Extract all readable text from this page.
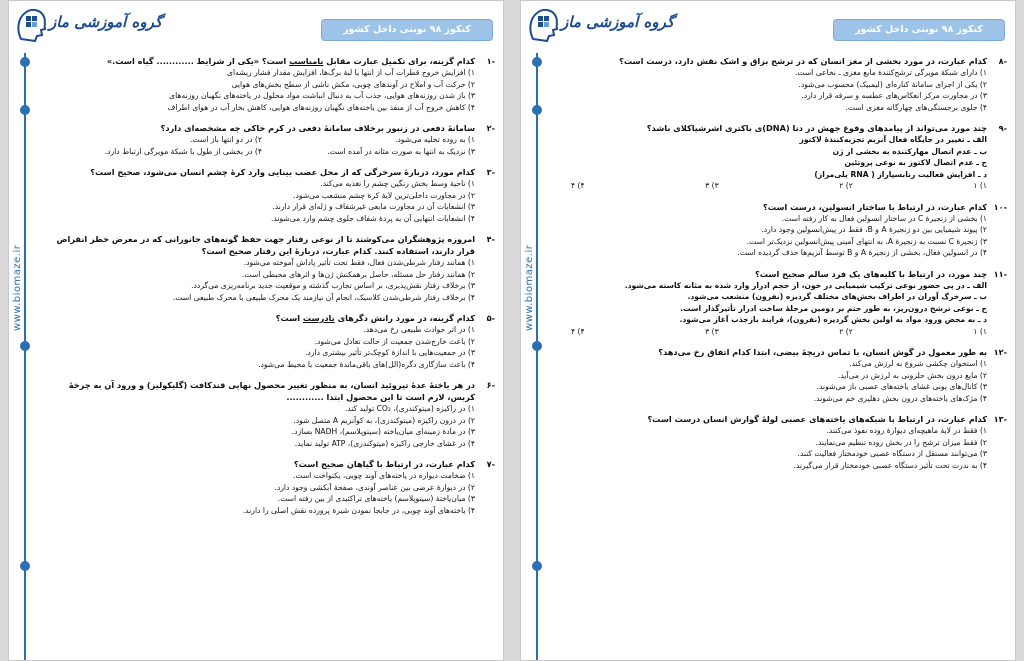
www.biomaze.ir
گروه آموزشی ماز	کنکور ۹۸ نوبتی داخل کشور (زیست‌شناسی)
-۱
کدام گزینه، برای تکمیل عبارت مقابل نامناسب است؟ «یکی از شرایط ............ گیاه است.»
۱) افزایش خروج قطرات آب از انتها یا لبهٔ برگ‌ها، افزایش مقدار فشار ریشه‌ای
۲) حرکت آب و املاح در آوندهای چوبی، مکش ناشی از سطح بخش‌های هوایی
۳) باز شدن روزنه‌های هوایی، جذب آب به دنبال انباشت مواد محلول در یاخته‌های نگهبان روزنه‌های
۴) کاهش خروج آب از منفذ بین یاخته‌های نگهبان روزنه‌های هوایی، کاهش بخار آب در هوای اطراف
-۲
سامانهٔ دفعی در زنبور برخلاف سامانهٔ دفعی در کرم خاکی چه مشخصه‌ای دارد؟
۱) به روده تخلیه می‌شود.
۲) در دو انتها باز است.
۳) نزدیک به انتها به صورت مثانه در آمده است.
۴) در بخشی از طول با شبکهٔ مویرگی ارتباط دارد.
-۳
کدام مورد، دربارهٔ سرخرگی که از محل عصب بینایی وارد کرهٔ چشم انسان می‌شود، صحیح است؟
۱) ناحیهٔ وسط بخش رنگین چشم را تغذیه می‌کند.
۲) در مجاورت داخلی‌ترین لایهٔ کرهٔ چشم منشعب می‌شود.
۳) انشعابات آن در مجاورت مایعی غیرشفاف و ژله‌ای قرار دارند.
۴) انشعابات انتهایی آن به پردهٔ شفاف جلوی چشم وارد می‌شوند.
-۴
امروزه پژوهشگران می‌کوشند تا از نوعی رفتار جهت حفظ گونه‌های جانورانی که در معرض خطر انقراض قرار دارند، استفاده کنند. کدام عبارت، دربارهٔ این رفتار صحیح است؟
۱) همانند رفتار شرطی‌شدن فعال، فقط تحت تأثیر پاداش آموخته می‌شود.
۲) همانند رفتار حل مسئله، حاصل برهمکنش ژن‌ها و اثرهای محیطی است.
۳) برخلاف رفتار نقش‌پذیری، بر اساس تجارب گذشته و موقعیت جدید برنامه‌ریزی می‌گردد.
۴) برخلاف رفتار شرطی‌شدن کلاسیک، انجام آن نیازمند یک محرک طبیعی با محرک طبیعی است.
-۵
کدام گزینه، در مورد رانش دگرهای نادرست است؟
۱) در اثر حوادث طبیعی رخ می‌دهد.
۲) باعث خارج‌شدن جمعیت از حالت تعادل می‌شود.
۳) در جمعیت‌هایی با اندازهٔ کوچک‌تر تأثیر بیشتری دارد.
۴) باعث سازگاری دگره(الل)های باقی‌ماندهٔ جمعیت با محیط می‌شود.
-۶
در هر یاختهٔ عدهٔ تیروئید انسان، به منظور تغییر محصول نهایی قندکافت (گلیکولیز) و ورود آن به چرخهٔ کربس، لازم است تا این محصول ابتدا ............
۱) در راکیزه (میتوکندری)، CO₂ تولید کند.
۲) در درون راکیزه (میتوکندری)، به کوآنزیم A متصل شود.
۳) در مادهٔ زمینه‌ای میان‌یاخته (سیتوپلاسم)، NADH بسازد.
۴) در غشای خارجی راکیزه (میتوکندری)، ATP تولید نماید.
-۷
کدام عبارت، در ارتباط با گیاهان صحیح است؟
۱) ضخامت دیواره در یاخته‌های آوند چوبی، یکنواخت است.
۲) در دیوارهٔ عرضی بین عناصر آوندی، صفحهٔ آبکشی وجود دارد.
۳) میان‌یاختهٔ (سیتوپلاسم) یاخته‌های تراکئیدی از بین رفته است.
۴) یاخته‌های آوند چوبی، در جابجا نمودن شیرهٔ پرورده نقش اصلی را دارند.
www.biomaze.ir
گروه آموزشی ماز	کنکور ۹۸ نوبتی داخل کشور (زیست‌شناسی)
-۸
کدام عبارت، در مورد بخشی از مغز انسان که در ترشح بزاق و اشک نقش دارد، درست است؟
۱) دارای شبکهٔ مویرگی ترشح‌کنندهٔ مایع مغزی ـ نخاعی است.
۲) یکی از اجزای سامانهٔ کناره‌ای (لیمبیک) محسوب می‌شود.
۳) در مجاورت مرکز انعکاس‌های عطسه و سرفه قرار دارد.
۴) جلوی برجستگی‌های چهارگانه مغزی است.
-۹
چند مورد می‌تواند از پیامدهای وقوع جهش در دنا (DNA)ی باکتری اشرشیاکلای باشد؟
الف ـ تغییر در جایگاه فعال آنزیم تجزیه‌کنندهٔ لاکتوز
ب ـ عدم اتصال مهارکننده به بخشی از ژن
ج ـ عدم اتصال لاکتوز به نوعی پروتئین
د ـ افزایش فعالیت رنابسپاراز ( RNA پلی‌مراز)
۱) ۱
۲) ۲
۳) ۳
۴) ۴
-۱۰
کدام عبارت، در ارتباط با ساختار انسولین، درست است؟
۱) بخشی از زنجیرهٔ C در ساختار انسولین فعال به کار رفته است.
۲) پیوند شیمیایی بین دو زنجیرهٔ A و B، فقط در پیش‌انسولین وجود دارد.
۳) زنجیرهٔ C نسبت به زنجیرهٔ A، به انتهای آمینی پیش‌انسولین نزدیک‌تر است.
۴) در انسولین فعال، بخشی از زنجیرهٔ A و B توسط آنزیم‌ها حذف گردیده است.
-۱۱
چند مورد، در ارتباط با کلیه‌های یک فرد سالم صحیح است؟
الف ـ در پی حضور نوعی ترکیب شیمیایی در خون، از حجم ادرار وارد شده به مثانه کاسته می‌شود.
ب ـ سرخرگ آوران در اطراف بخش‌های مختلف گردیزه (نفرون) منشعب می‌شود.
ج ـ نوعی ترشح درون‌ریز، به طور حتم بر دومین مرحلهٔ ساخت ادرار تأثیرگذار است.
د ـ به محض ورود مواد به اولین بخش گردیزه (نفرون)، فرایند بازجذب آغاز می‌شود.
۱) ۱
۲) ۲
۳) ۳
۴) ۴
-۱۲
به طور معمول در گوش انسان، با تماس دریچهٔ بیضی، ابتدا کدام اتفاق رخ می‌دهد؟
۱) استخوان چکشی شروع به لرزش می‌کند.
۲) مایع درون بخش حلزونی به لرزش در می‌آید.
۳) کانال‌های یونی غشای یاخته‌های عصبی باز می‌شوند.
۴) مژک‌های یاخته‌های درون بخش دهلیزی خم می‌شوند.
-۱۳
کدام عبارت، در ارتباط با شبکه‌های یاخته‌های عصبی لولهٔ گوارش انسان درست است؟
۱) فقط در لایهٔ ماهیچه‌ای دیوارهٔ روده نفوذ می‌کنند.
۲) فقط میزان ترشح را در بخش روده تنظیم می‌نمایند.
۳) می‌توانند مستقل از دستگاه عصبی خودمختار فعالیت کنند.
۴) به ندرت تحت تأثیر دستگاه عصبی خودمختار قرار می‌گیرند.
